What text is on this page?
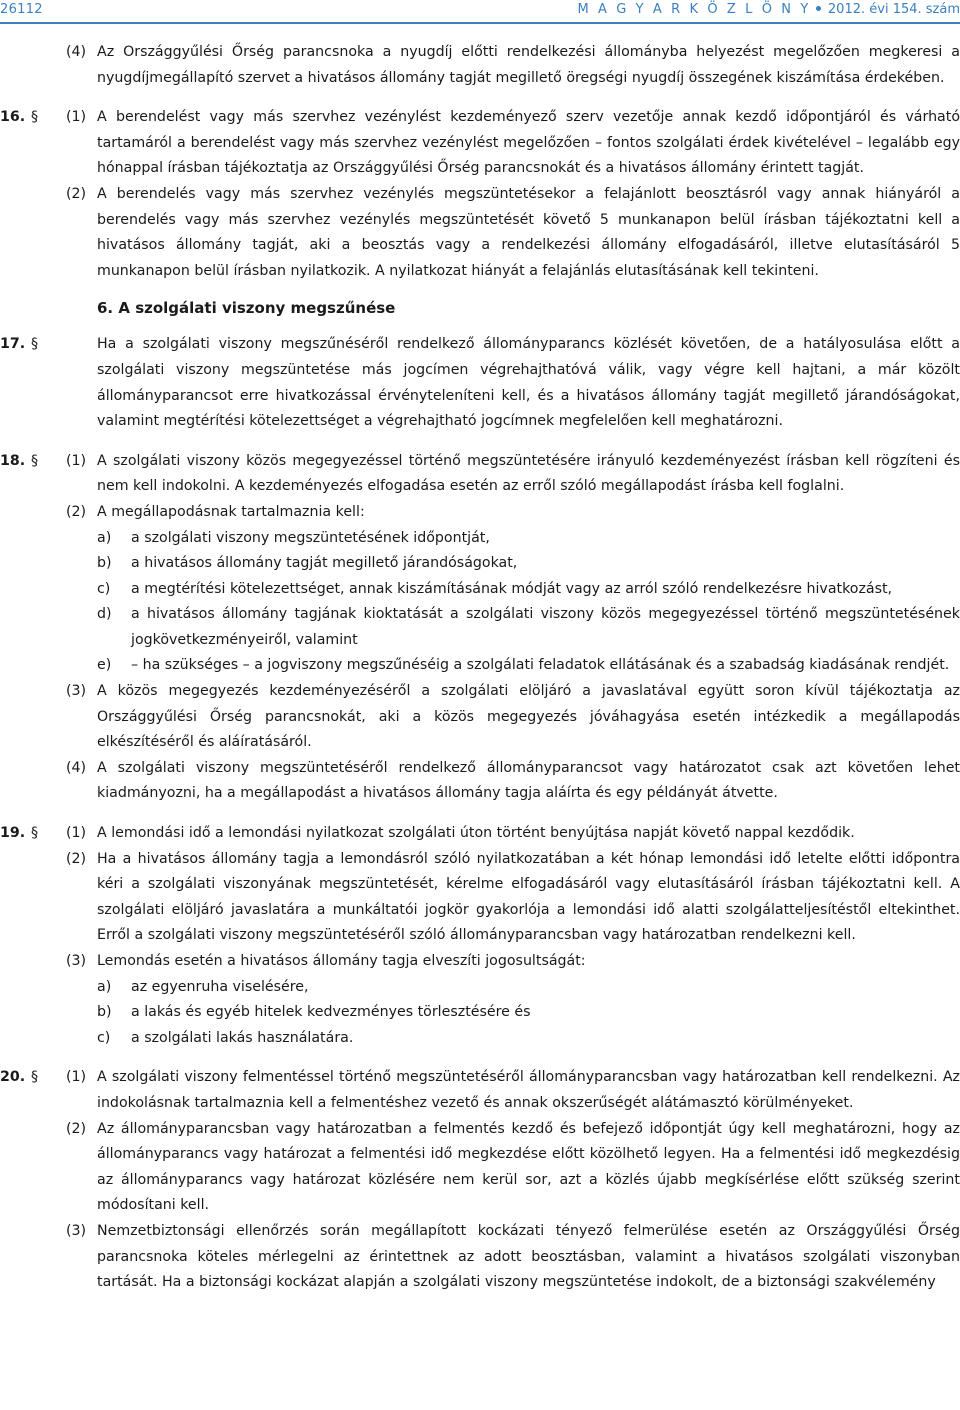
26112	M A G Y A R K Ö Z L Ö N Y 2012. évi 154. szám
(4) Az Országgyűlési Őrség parancsnoka a nyugdíj előtti rendelkezési állományba helyezést megelőzően megkeresi a nyugdíjmegállapító szervet a hivatásos állomány tagját megillető öregségi nyugdíj összegének kiszámítása érdekében.
16. §	(1) A berendelést vagy más szervhez vezénylést kezdeményező szerv vezetője annak kezdő időpontjáról és várható tartamáról a berendelést vagy más szervhez vezénylést megelőzően – fontos szolgálati érdek kivételével – legalább egy hónappal írásban tájékoztatja az Országgyűlési Őrség parancsnokát és a hivatásos állomány érintett tagját.
(2) A berendelés vagy más szervhez vezénylés megszüntetésekor a felajánlott beosztásról vagy annak hiányáról a berendelés vagy más szervhez vezénylés megszüntetését követő 5 munkanapon belül írásban tájékoztatni kell a hivatásos állomány tagját, aki a beosztás vagy a rendelkezési állomány elfogadásáról, illetve elutasításáról 5 munkanapon belül írásban nyilatkozik. A nyilatkozat hiányát a felajánlás elutasításának kell tekinteni.
6. A szolgálati viszony megszűnése
17. §	Ha a szolgálati viszony megszűnéséről rendelkező állományparancs közlését követően, de a hatályosulása előtt a szolgálati viszony megszüntetése más jogcímen végrehajthatóvá válik, vagy végre kell hajtani, a már közölt állományparancsot erre hivatkozással érvényteleníteni kell, és a hivatásos állomány tagját megillető járandóságokat, valamint megtérítési kötelezettséget a végrehajtható jogcímnek megfelelően kell meghatározni.
18. §	(1) A szolgálati viszony közös megegyezéssel történő megszüntetésére irányuló kezdeményezést írásban kell rögzíteni és nem kell indokolni. A kezdeményezés elfogadása esetén az erről szóló megállapodást írásba kell foglalni.
(2) A megállapodásnak tartalmaznia kell:
a)	a szolgálati viszony megszüntetésének időpontját,
b)	a hivatásos állomány tagját megillető járandóságokat,
c)	a megtérítési kötelezettséget, annak kiszámításának módját vagy az arról szóló rendelkezésre hivatkozást,
d)	a hivatásos állomány tagjának kioktatását a szolgálati viszony közös megegyezéssel történő megszüntetésének jogkövetkezményeiről, valamint
e)	– ha szükséges – a jogviszony megszűnéséig a szolgálati feladatok ellátásának és a szabadság kiadásának rendjét.
(3) A közös megegyezés kezdeményezéséről a szolgálati elöljáró a javaslatával együtt soron kívül tájékoztatja az Országgyűlési Őrség parancsnokát, aki a közös megegyezés jóváhagyása esetén intézkedik a megállapodás elkészítéséről és aláíratásáról.
(4) A szolgálati viszony megszüntetéséről rendelkező állományparancsot vagy határozatot csak azt követően lehet kiadmányozni, ha a megállapodást a hivatásos állomány tagja aláírta és egy példányát átvette.
19. §	(1) A lemondási idő a lemondási nyilatkozat szolgálati úton történt benyújtása napját követő nappal kezdődik.
(2) Ha a hivatásos állomány tagja a lemondásról szóló nyilatkozatában a két hónap lemondási idő letelte előtti időpontra kéri a szolgálati viszonyának megszüntetését, kérelme elfogadásáról vagy elutasításáról írásban tájékoztatni kell. A szolgálati elöljáró javaslatára a munkáltatói jogkör gyakorlója a lemondási idő alatti szolgálatteljesítéstől eltekinthet. Erről a szolgálati viszony megszüntetéséről szóló állományparancsban vagy határozatban rendelkezni kell.
(3) Lemondás esetén a hivatásos állomány tagja elveszíti jogosultságát:
a)	az egyenruha viselésére,
b)	a lakás és egyéb hitelek kedvezményes törlesztésére és
c)	a szolgálati lakás használatára.
20. §	(1) A szolgálati viszony felmentéssel történő megszüntetéséről állományparancsban vagy határozatban kell rendelkezni. Az indokolásnak tartalmaznia kell a felmentéshez vezető és annak okszerűségét alátámasztó körülményeket.
(2) Az állományparancsban vagy határozatban a felmentés kezdő és befejező időpontját úgy kell meghatározni, hogy az állományparancs vagy határozat a felmentési idő megkezdése előtt közölhető legyen. Ha a felmentési idő megkezdésig az állományparancs vagy határozat közlésére nem kerül sor, azt a közlés újabb megkísérlése előtt szükség szerint módosítani kell.
(3) Nemzetbiztonsági ellenőrzés során megállapított kockázati tényező felmerülése esetén az Országgyűlési Őrség parancsnoka köteles mérlegelni az érintettnek az adott beosztásban, valamint a hivatásos szolgálati viszonyban tartását. Ha a biztonsági kockázat alapján a szolgálati viszony megszüntetése indokolt, de a biztonsági szakvélemény
